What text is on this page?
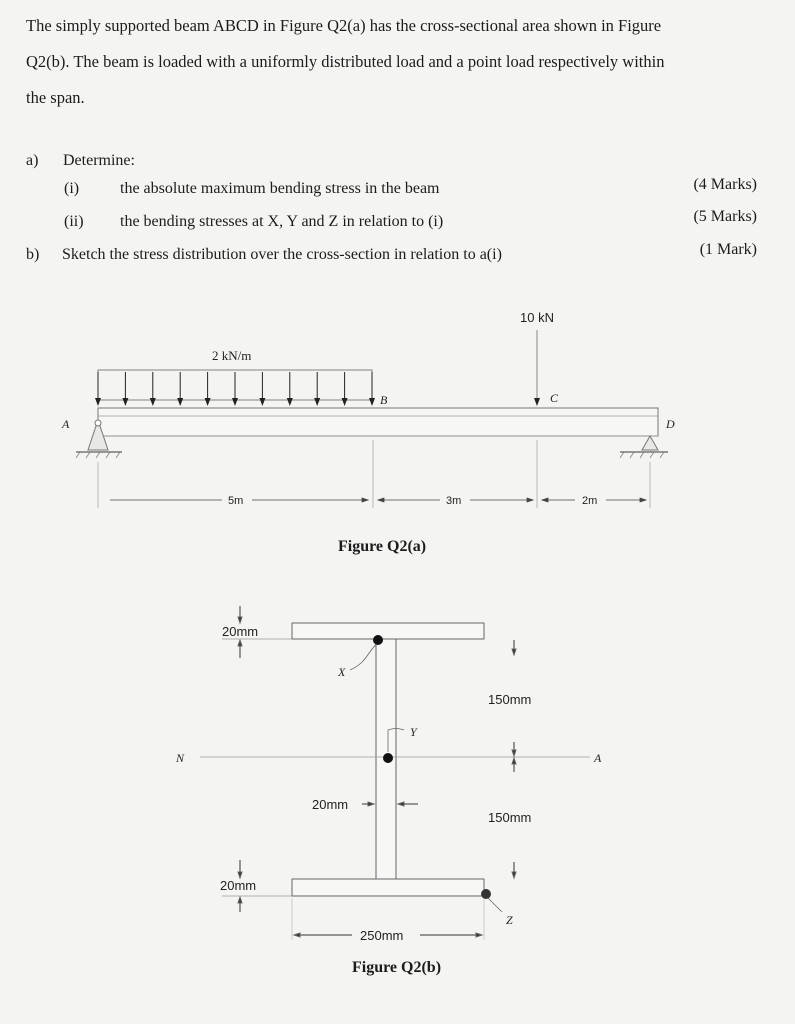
The simply supported beam ABCD in Figure Q2(a) has the cross-sectional area shown in Figure

Q2(b). The beam is loaded with a uniformly distributed load and a point load respectively within

the span.

a) Determine:
(i)	the absolute maximum bending stress in the beam	(4 Marks)
(ii) the bending stresses at X, Y and Z in relation to (i)	(5 Marks)
b) Sketch the stress distribution over the cross-section in relation to a(i)	(1 Mark)
10 kN
2 kN/m
A
B	C
D
5m	3m	2m
Figure Q2(a)
20mm
X
150mm
Y
N	A
20mm
150mm
20mm
Z
250mm
Figure Q2(b)
